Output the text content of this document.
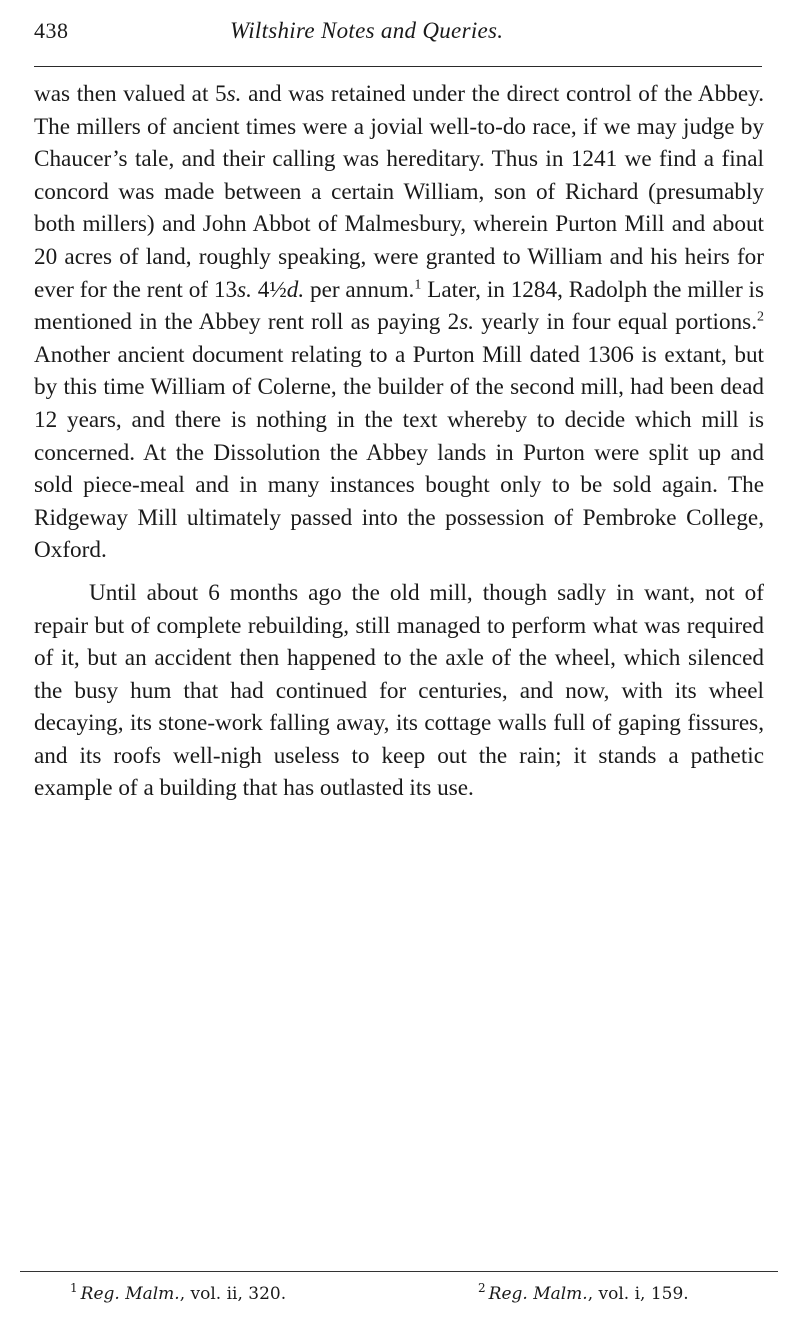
438	Wiltshire Notes and Queries.

was then valued at 5s. and was retained under the direct control of the Abbey. The millers of ancient times were a jovial well-to-do race, if we may judge by Chaucer’s tale, and their calling was hereditary. Thus in 1241 we find a final concord was made between a certain William, son of Richard (presumably both millers) and John Abbot of Malmesbury, wherein Purton Mill and about 20 acres of land, roughly speaking, were granted to William and his heirs for ever for the rent of 13s. 4½d. per annum.$^1$ Later, in 1284, Radolph the miller is mentioned in the Abbey rent roll as paying 2s. yearly in four equal portions.$^2$ Another ancient document relating to a Purton Mill dated 1306 is extant, but by this time William of Colerne, the builder of the second mill, had been dead 12 years, and there is nothing in the text whereby to decide which mill is concerned. At the Dissolution the Abbey lands in Purton were split up and sold piece-meal and in many instances bought only to be sold again. The Ridgeway Mill ultimately passed into the possession of Pembroke College, Oxford.

Until about 6 months ago the old mill, though sadly in want, not of repair but of complete rebuilding, still managed to perform what was required of it, but an accident then happened to the axle of the wheel, which silenced the busy hum that had continued for centuries, and now, with its wheel decaying, its stone-work falling away, its cottage walls full of gaping fissures, and its roofs well-nigh useless to keep out the rain; it stands a pathetic example of a building that has outlasted its use.

$^1$ Reg. Malm., vol. ii, 320.	$^2$ Reg. Malm., vol. i, 159.
